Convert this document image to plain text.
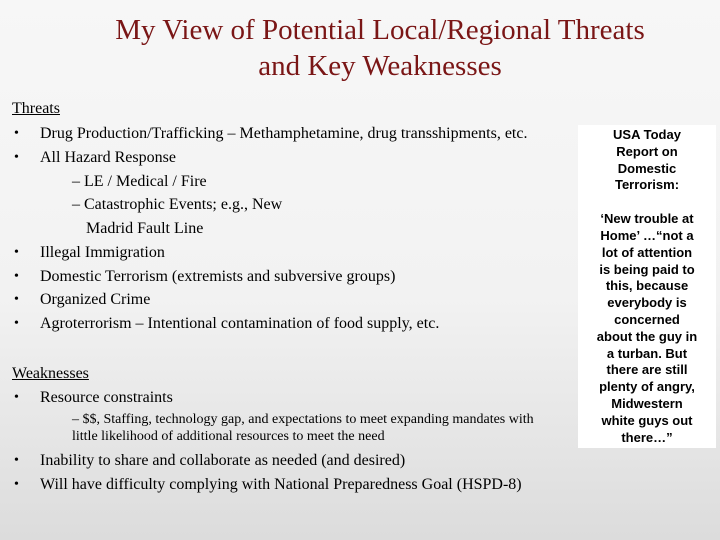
My View of Potential Local/Regional Threats
and Key Weaknesses
Threats
• Drug Production/Trafficking – Methamphetamine, drug transshipments, etc.
• All Hazard Response
– LE / Medical / Fire
– Catastrophic Events; e.g., New
Madrid Fault Line
• Illegal Immigration
• Domestic Terrorism (extremists and subversive groups)
• Organized Crime
• Agroterrorism – Intentional contamination of food supply, etc.
Weaknesses
• Resource constraints
– $$, Staffing, technology gap, and expectations to meet expanding mandates with
little likelihood of additional resources to meet the need
• Inability to share and collaborate as needed (and desired)
• Will have difficulty complying with National Preparedness Goal (HSPD-8)
USA Today
Report on
Domestic
Terrorism:
‘New trouble at
Home’ …“not a
lot of attention
is being paid to
this, because
everybody is
concerned
about the guy in
a turban. But
there are still
plenty of angry,
Midwestern
white guys out
there…”
